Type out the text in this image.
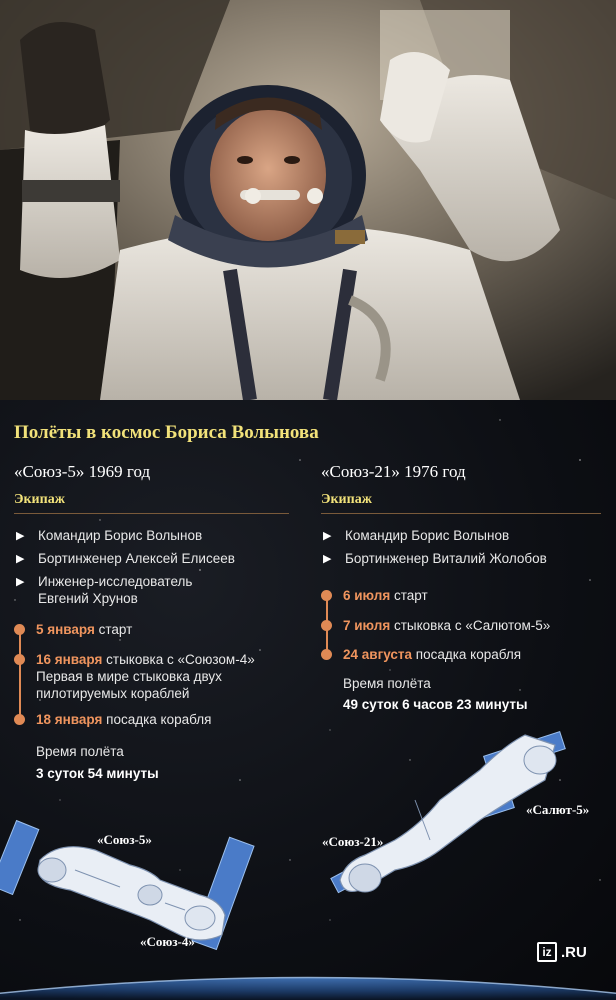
Полёты в космос Бориса Волынова
«Союз-5» 1969 год
Экипаж
▶ Командир Борис Волынов
▶ Бортинженер Алексей Елисеев
▶ Инженер-исследователь Евгений Хрунов
5 января старт
16 января стыковка с «Союзом-4»
Первая в мире стыковка двух пилотируемых кораблей
18 января посадка корабля
Время полёта
3 суток 54 минуты
«Союз-5»
«Союз-4»
«Союз-21» 1976 год
Экипаж
▶ Командир Борис Волынов
▶ Бортинженер Виталий Жолобов
6 июля старт
7 июля стыковка с «Салютом-5»
24 августа посадка корабля
Время полёта
49 суток 6 часов 23 минуты
«Союз-21»
«Салют-5»
iz .RU
